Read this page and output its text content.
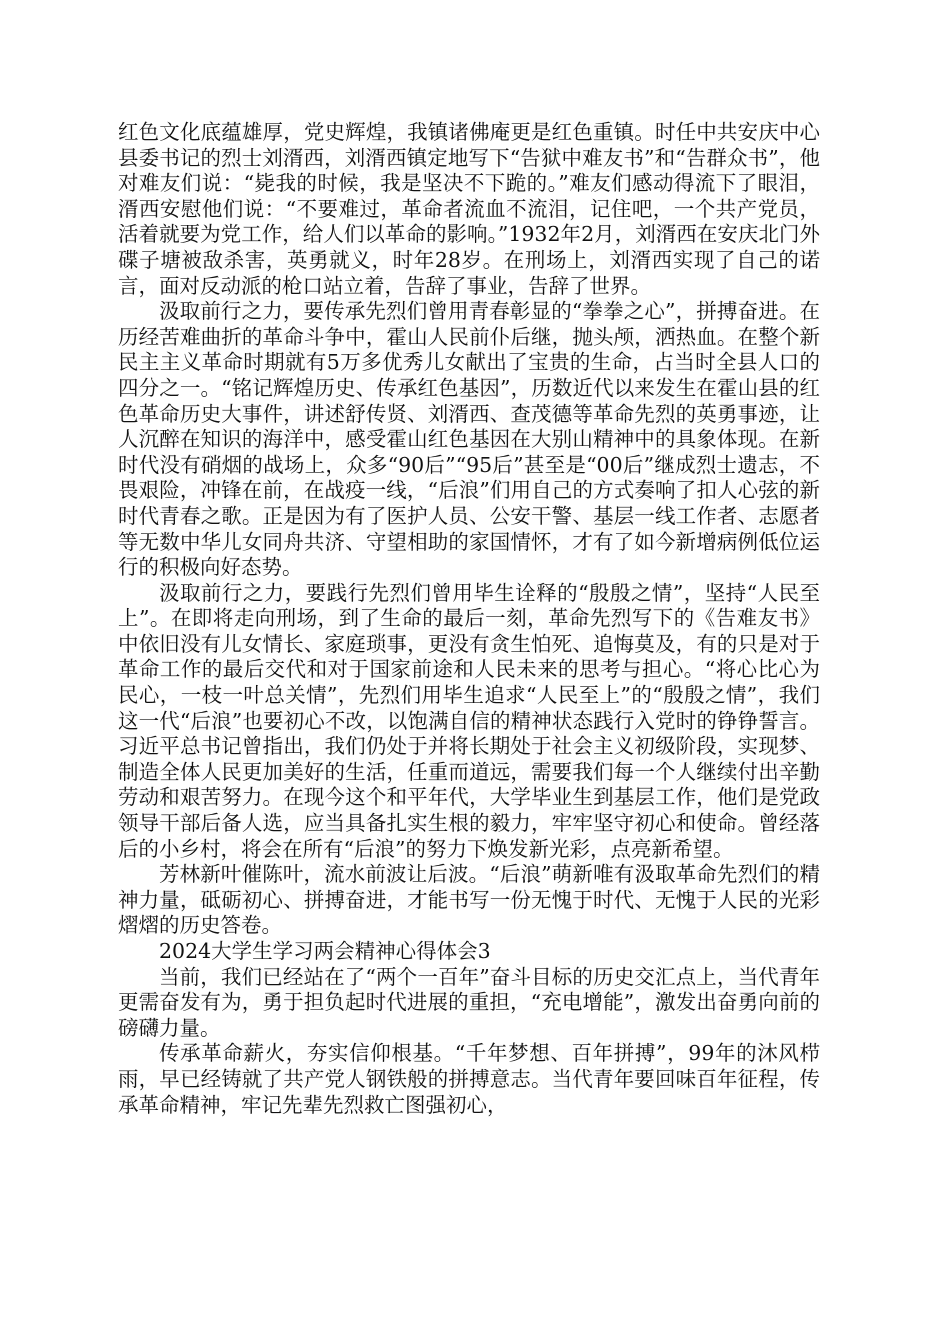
红色文化底蕴雄厚，党史辉煌，我镇诸佛庵更是红色重镇。时任中共安庆中心县委书记的烈士刘湑西，刘湑西镇定地写下“告狱中难友书”和“告群众书”，他对难友们说：“毙我的时候，我是坚决不下跪的。”难友们感动得流下了眼泪，湑西安慰他们说：“不要难过，革命者流血不流泪，记住吧，一个共产党员，活着就要为党工作，给人们以革命的影响。”1932年2月，刘湑西在安庆北门外碟子塘被敌杀害，英勇就义，时年28岁。在刑场上，刘湑西实现了自己的诺言，面对反动派的枪口站立着，告辞了事业，告辞了世界。

汲取前行之力，要传承先烈们曾用青春彰显的“拳拳之心”，拼搏奋进。在历经苦难曲折的革命斗争中，霍山人民前仆后继，抛头颅，洒热血。在整个新民主主义革命时期就有5万多优秀儿女献出了宝贵的生命，占当时全县人口的四分之一。“铭记辉煌历史、传承红色基因”，历数近代以来发生在霍山县的红色革命历史大事件，讲述舒传贤、刘湑西、查茂德等革命先烈的英勇事迹，让人沉醉在知识的海洋中，感受霍山红色基因在大别山精神中的具象体现。在新时代没有硝烟的战场上，众多“90后”“95后”甚至是“00后”继成烈士遗志，不畏艰险，冲锋在前，在战疫一线，“后浪”们用自己的方式奏响了扣人心弦的新时代青春之歌。正是因为有了医护人员、公安干警、基层一线工作者、志愿者等无数中华儿女同舟共济、守望相助的家国情怀，才有了如今新增病例低位运行的积极向好态势。

汲取前行之力，要践行先烈们曾用毕生诠释的“殷殷之情”，坚持“人民至上”。在即将走向刑场，到了生命的最后一刻，革命先烈写下的《告难友书》中依旧没有儿女情长、家庭琐事，更没有贪生怕死、追悔莫及，有的只是对于革命工作的最后交代和对于国家前途和人民未来的思考与担心。“将心比心为民心，一枝一叶总关情”，先烈们用毕生追求“人民至上”的“殷殷之情”，我们这一代“后浪”也要初心不改，以饱满自信的精神状态践行入党时的铮铮誓言。习近平总书记曾指出，我们仍处于并将长期处于社会主义初级阶段，实现梦、制造全体人民更加美好的生活，任重而道远，需要我们每一个人继续付出辛勤劳动和艰苦努力。在现今这个和平年代，大学毕业生到基层工作，他们是党政领导干部后备人选，应当具备扎实生根的毅力，牢牢坚守初心和使命。曾经落后的小乡村，将会在所有“后浪”的努力下焕发新光彩，点亮新希望。

芳林新叶催陈叶，流水前波让后波。“后浪”萌新唯有汲取革命先烈们的精神力量，砥砺初心、拼搏奋进，才能书写一份无愧于时代、无愧于人民的光彩熠熠的历史答卷。

2024大学生学习两会精神心得体会3

当前，我们已经站在了“两个一百年”奋斗目标的历史交汇点上，当代青年更需奋发有为，勇于担负起时代进展的重担，“充电增能”，激发出奋勇向前的磅礴力量。

传承革命薪火，夯实信仰根基。“千年梦想、百年拼搏”，99年的沐风栉雨，早已经铸就了共产党人钢铁般的拼搏意志。当代青年要回味百年征程，传承革命精神，牢记先辈先烈救亡图强初心，
